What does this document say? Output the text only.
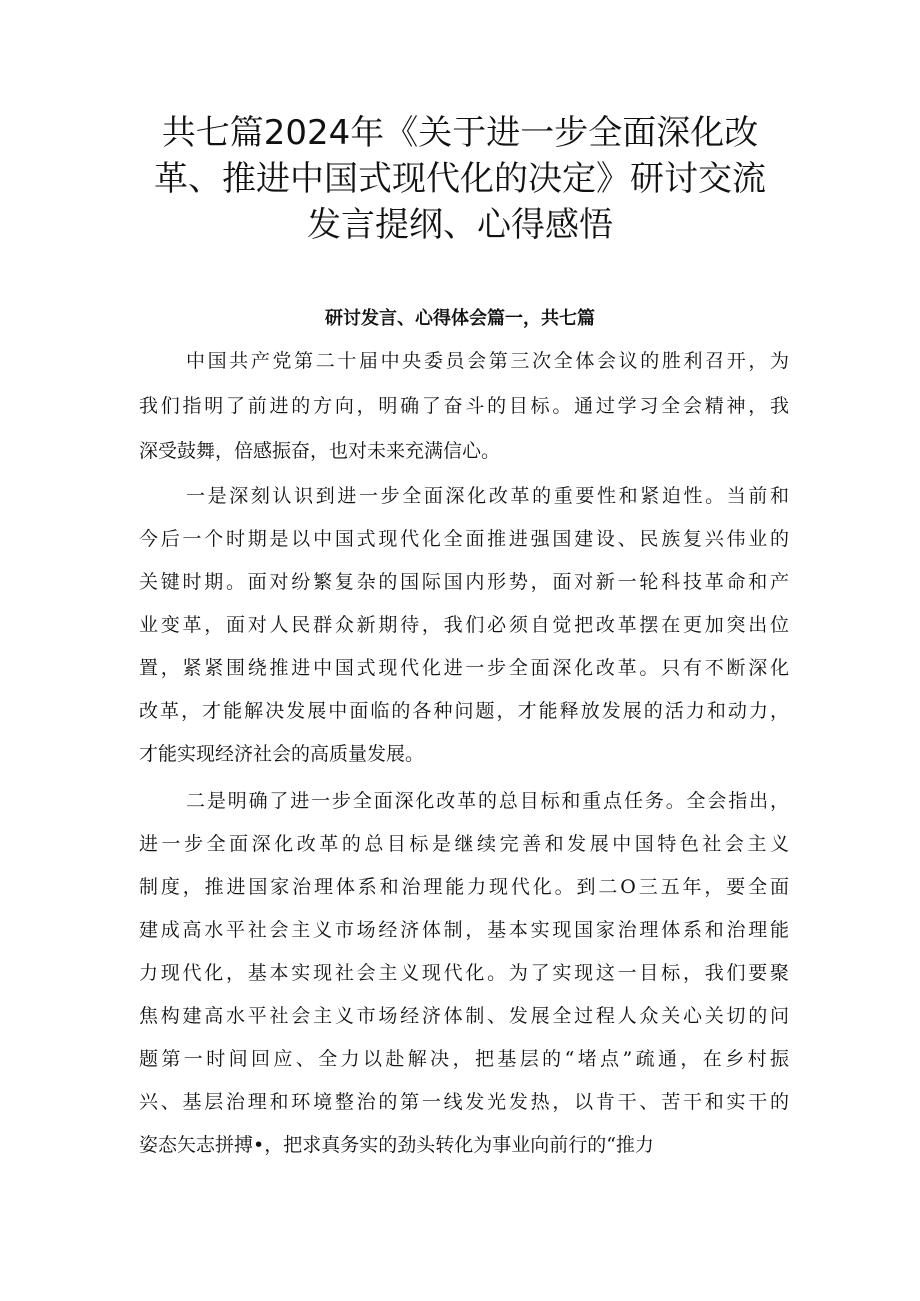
共七篇2024年《关于进一步全面深化改
革、推进中国式现代化的决定》研讨交流
发言提纲、心得感悟
研讨发言、心得体会篇一，共七篇

中国共产党第二十届中央委员会第三次全体会议的胜利召开，为

我们指明了前进的方向，明确了奋斗的目标。通过学习全会精神，我

深受鼓舞，倍感振奋，也对未来充满信心。

一是深刻认识到进一步全面深化改革的重要性和紧迫性。当前和

今后一个时期是以中国式现代化全面推进强国建设、民族复兴伟业的

关键时期。面对纷繁复杂的国际国内形势，面对新一轮科技革命和产

业变革，面对人民群众新期待，我们必须自觉把改革摆在更加突出位

置，紧紧围绕推进中国式现代化进一步全面深化改革。只有不断深化

改革，才能解决发展中面临的各种问题，才能释放发展的活力和动力，

才能实现经济社会的高质量发展。

二是明确了进一步全面深化改革的总目标和重点任务。全会指出，

进一步全面深化改革的总目标是继续完善和发展中国特色社会主义

制度，推进国家治理体系和治理能力现代化。到二O三五年，要全面

建成高水平社会主义市场经济体制，基本实现国家治理体系和治理能

力现代化，基本实现社会主义现代化。为了实现这一目标，我们要聚

焦构建高水平社会主义市场经济体制、发展全过程人众关心关切的问

题第一时间回应、全力以赴解决，把基层的“堵点”疏通，在乡村振

兴、基层治理和环境整治的第一线发光发热，以肯干、苦干和实干的

姿态矢志拼搏•，把求真务实的劲头转化为事业向前行的“推力
